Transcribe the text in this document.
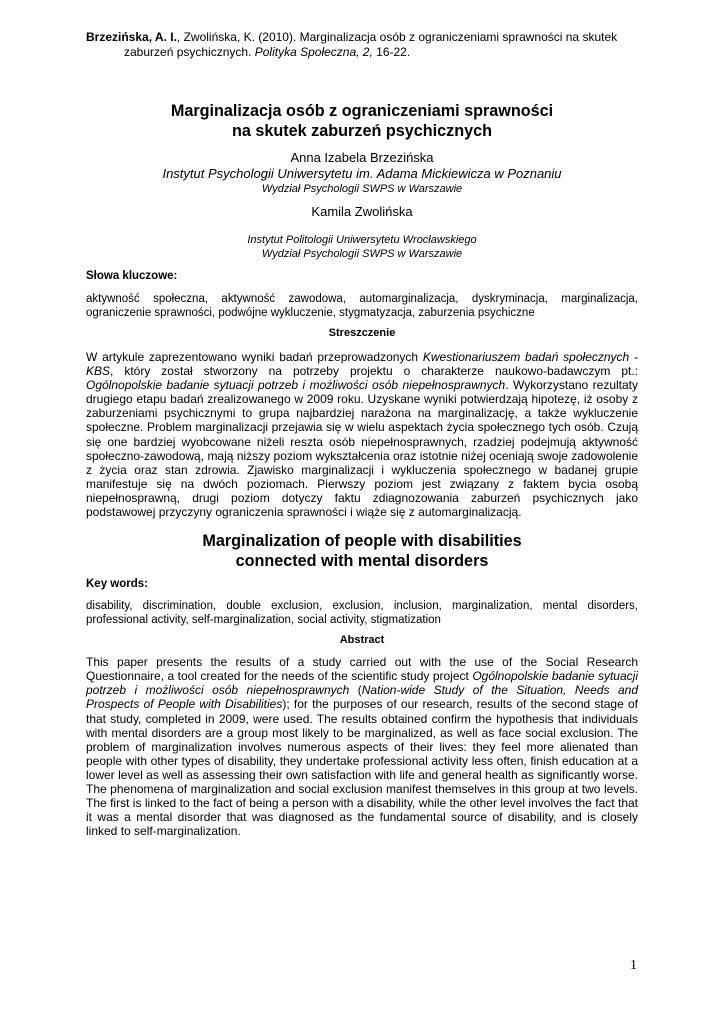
Brzezińska, A. I., Zwolińska, K. (2010). Marginalizacja osób z ograniczeniami sprawności na skutek zaburzeń psychicznych. Polityka Społeczna, 2, 16-22.
Marginalizacja osób z ograniczeniami sprawności
na skutek zaburzeń psychicznych
Anna Izabela Brzezińska
Instytut Psychologii Uniwersytetu im. Adama Mickiewicza w Poznaniu
Wydział Psychologii SWPS w Warszawie
Kamila Zwolińska
Instytut Politologii Uniwersytetu Wrocławskiego
Wydział Psychologii SWPS w Warszawie
Słowa kluczowe:
aktywność społeczna, aktywność zawodowa, automarginalizacja, dyskryminacja, marginalizacja, ograniczenie sprawności, podwójne wykluczenie, stygmatyzacja, zaburzenia psychiczne
Streszczenie
W artykule zaprezentowano wyniki badań przeprowadzonych Kwestionariuszem badań społecznych - KBS, który został stworzony na potrzeby projektu o charakterze naukowo-badawczym pt.: Ogólnopolskie badanie sytuacji potrzeb i możliwości osób niepełnosprawnych. Wykorzystano rezultaty drugiego etapu badań zrealizowanego w 2009 roku. Uzyskane wyniki potwierdzają hipotezę, iż osoby z zaburzeniami psychicznymi to grupa najbardziej narażona na marginalizację, a także wykluczenie społeczne. Problem marginalizacji przejawia się w wielu aspektach życia społecznego tych osób. Czują się one bardziej wyobcowane niżeli reszta osób niepełnosprawnych, rzadziej podejmują aktywność społeczno-zawodową, mają niższy poziom wykształcenia oraz istotnie niżej oceniają swoje zadowolenie z życia oraz stan zdrowia. Zjawisko marginalizacji i wykluczenia społecznego w badanej grupie manifestuje się na dwóch poziomach. Pierwszy poziom jest związany z faktem bycia osobą niepełnosprawną, drugi poziom dotyczy faktu zdiagnozowania zaburzeń psychicznych jako podstawowej przyczyny ograniczenia sprawności i wiąże się z automarginalizacją.
Marginalization of people with disabilities
connected with mental disorders
Key words:
disability, discrimination, double exclusion, exclusion, inclusion, marginalization, mental disorders, professional activity, self-marginalization, social activity, stigmatization
Abstract
This paper presents the results of a study carried out with the use of the Social Research Questionnaire, a tool created for the needs of the scientific study project Ogólnopolskie badanie sytuacji potrzeb i możliwości osób niepełnosprawnych (Nation-wide Study of the Situation, Needs and Prospects of People with Disabilities); for the purposes of our research, results of the second stage of that study, completed in 2009, were used. The results obtained confirm the hypothesis that individuals with mental disorders are a group most likely to be marginalized, as well as face social exclusion. The problem of marginalization involves numerous aspects of their lives: they feel more alienated than people with other types of disability, they undertake professional activity less often, finish education at a lower level as well as assessing their own satisfaction with life and general health as significantly worse. The phenomena of marginalization and social exclusion manifest themselves in this group at two levels. The first is linked to the fact of being a person with a disability, while the other level involves the fact that it was a mental disorder that was diagnosed as the fundamental source of disability, and is closely linked to self-marginalization.
1
